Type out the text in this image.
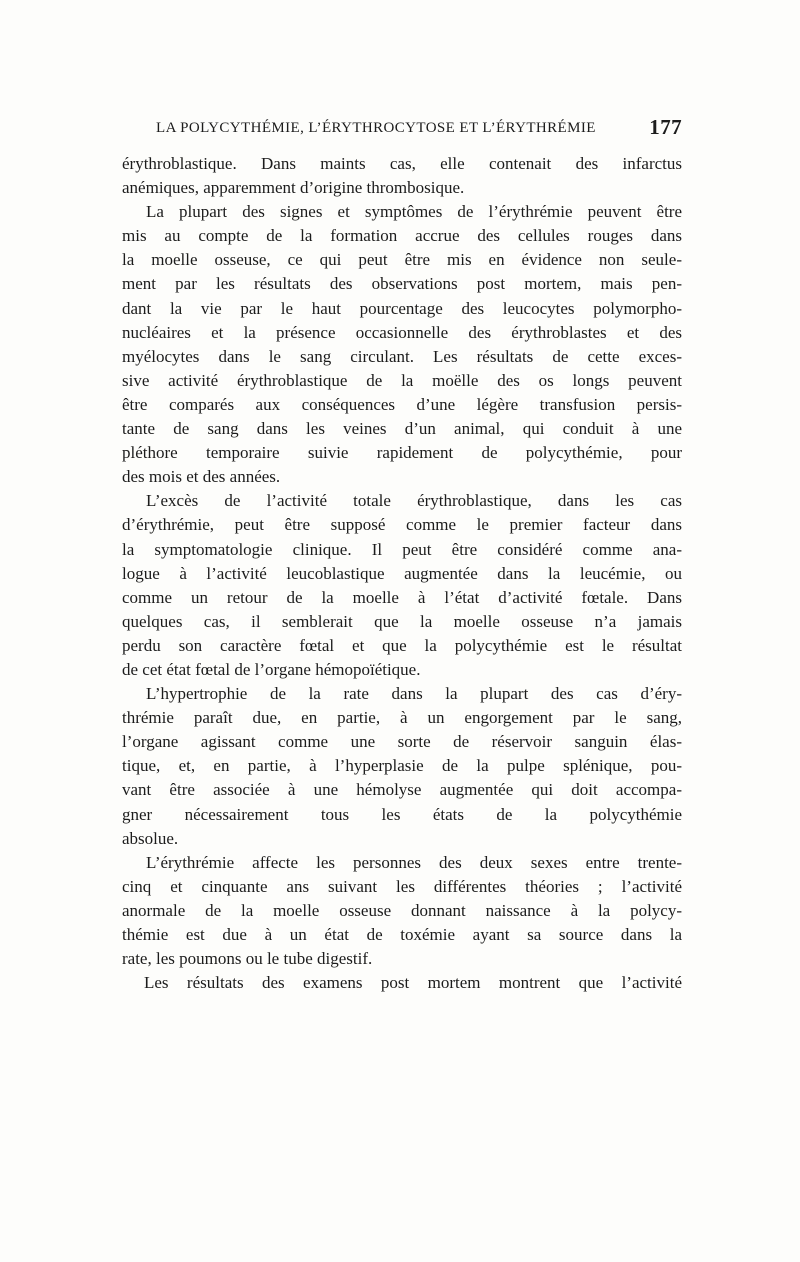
LA POLYCYTHÉMIE, L’ÉRYTHROCYTOSE ET L’ÉRYTHRÉMIE	177
érythroblastique. Dans maints cas, elle contenait des infarctus
anémiques, apparemment d’origine thrombosique.
La plupart des signes et symptômes de l’érythrémie peuvent être
mis au compte de la formation accrue des cellules rouges dans
la moelle osseuse, ce qui peut être mis en évidence non seule-
ment par les résultats des observations post mortem, mais pen-
dant la vie par le haut pourcentage des leucocytes polymorpho-
nucléaires et la présence occasionnelle des érythroblastes et des
myélocytes dans le sang circulant. Les résultats de cette exces-
sive activité érythroblastique de la moëlle des os longs peuvent
être comparés aux conséquences d’une légère transfusion persis-
tante de sang dans les veines d’un animal, qui conduit à une
pléthore temporaire suivie rapidement de polycythémie, pour
des mois et des années.
L’excès de l’activité totale érythroblastique, dans les cas
d’érythrémie, peut être supposé comme le premier facteur dans
la symptomatologie clinique. Il peut être considéré comme ana-
logue à l’activité leucoblastique augmentée dans la leucémie, ou
comme un retour de la moelle à l’état d’activité fœtale. Dans
quelques cas, il semblerait que la moelle osseuse n’a jamais
perdu son caractère fœtal et que la polycythémie est le résultat
de cet état fœtal de l’organe hémopoïétique.
L’hypertrophie de la rate dans la plupart des cas d’éry-
thrémie paraît due, en partie, à un engorgement par le sang,
l’organe agissant comme une sorte de réservoir sanguin élas-
tique, et, en partie, à l’hyperplasie de la pulpe splénique, pou-
vant être associée à une hémolyse augmentée qui doit accompa-
gner nécessairement tous les états de la polycythémie
absolue.
L’érythrémie affecte les personnes des deux sexes entre trente-
cinq et cinquante ans suivant les différentes théories ; l’activité
anormale de la moelle osseuse donnant naissance à la polycy-
thémie est due à un état de toxémie ayant sa source dans la
rate, les poumons ou le tube digestif.
Les résultats des examens post mortem montrent que l’activité
